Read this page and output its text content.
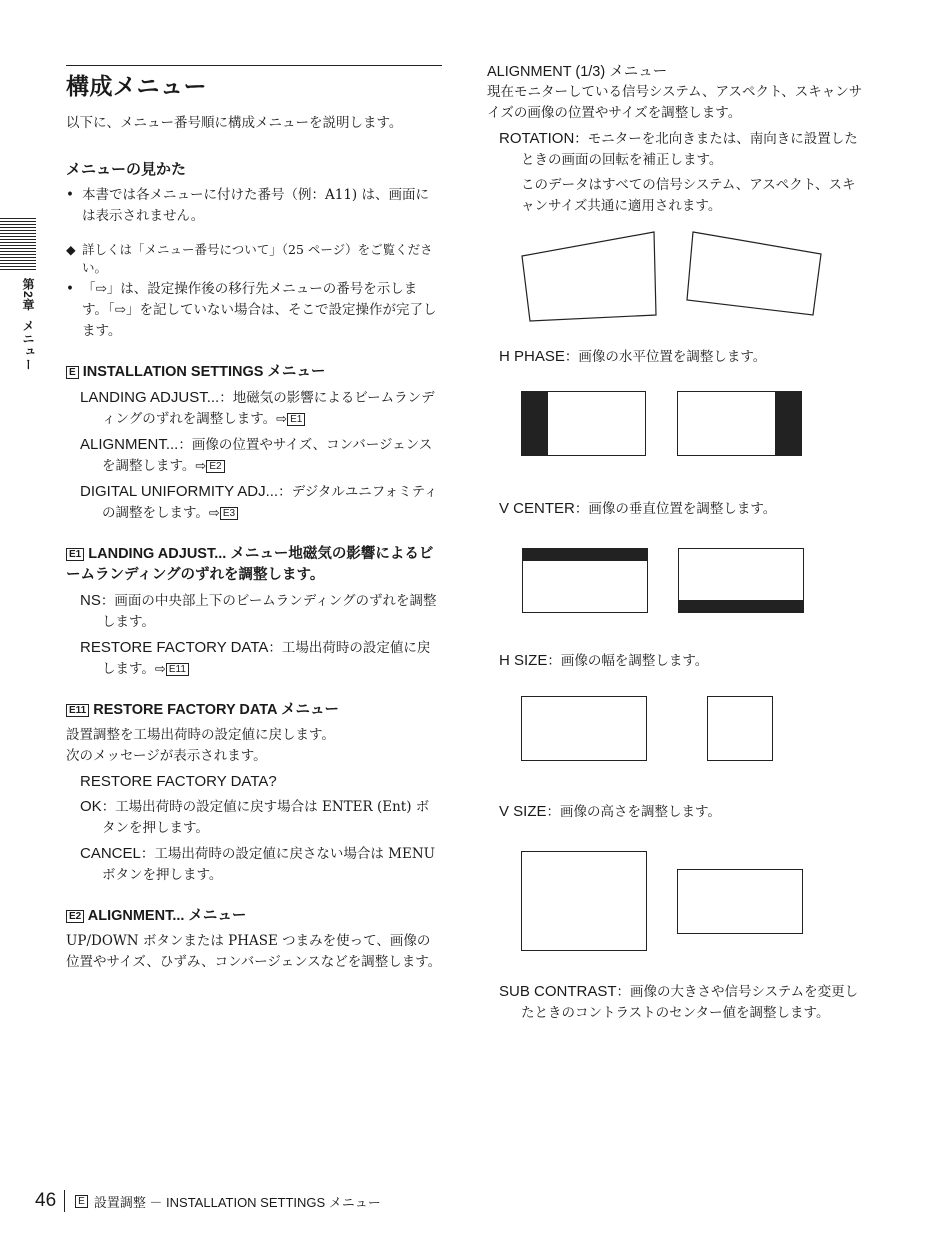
第2章メニュー
構成メニュー

以下に、メニュー番号順に構成メニューを説明します。

メニューの見かた

• 本書では各メニューに付けた番号（例：A11) は、画面には表示されません。

◆ 詳しくは「メニュー番号について」（25 ページ）をご覧ください。

• 「⇨」は、設定操作後の移行先メニューの番号を示します。「⇨」を記していない場合は、そこで設定操作が完了します。

E INSTALLATION SETTINGS メニュー

LANDING ADJUST...：地磁気の影響によるビームランディングのずれを調整します。⇨ E1

ALIGNMENT...：画像の位置やサイズ、コンバージェンスを調整します。⇨ E2

DIGITAL UNIFORMITY ADJ...：デジタルユニフォミティの調整をします。⇨ E3

E1 LANDING ADJUST... メニュー地磁気の影響によるビームランディングのずれを調整します。

NS：画面の中央部上下のビームランディングのずれを調整します。

RESTORE FACTORY DATA：工場出荷時の設定値に戻します。⇨ E11

E11 RESTORE FACTORY DATA メニュー

設置調整を工場出荷時の設定値に戻します。

次のメッセージが表示されます。

RESTORE FACTORY DATA?

OK：工場出荷時の設定値に戻す場合は ENTER (Ent) ボタンを押します。

CANCEL：工場出荷時の設定値に戻さない場合は MENU ボタンを押します。

E2 ALIGNMENT... メニュー

UP/DOWN ボタンまたは PHASE つまみを使って、画像の位置やサイズ、ひずみ、コンバージェンスなどを調整します。

ALIGNMENT (1/3) メニュー

現在モニターしている信号システム、アスペクト、スキャンサイズの画像の位置やサイズを調整します。

ROTATION：モニターを北向きまたは、南向きに設置したときの画面の回転を補正します。

このデータはすべての信号システム、アスペクト、スキャンサイズ共通に適用されます。

H PHASE：画像の水平位置を調整します。

V CENTER：画像の垂直位置を調整します。

H SIZE：画像の幅を調整します。

V SIZE：画像の高さを調整します。

SUB CONTRAST：画像の大きさや信号システムを変更したときのコントラストのセンター値を調整します。

46	E 設置調整 － INSTALLATION SETTINGS メニュー
